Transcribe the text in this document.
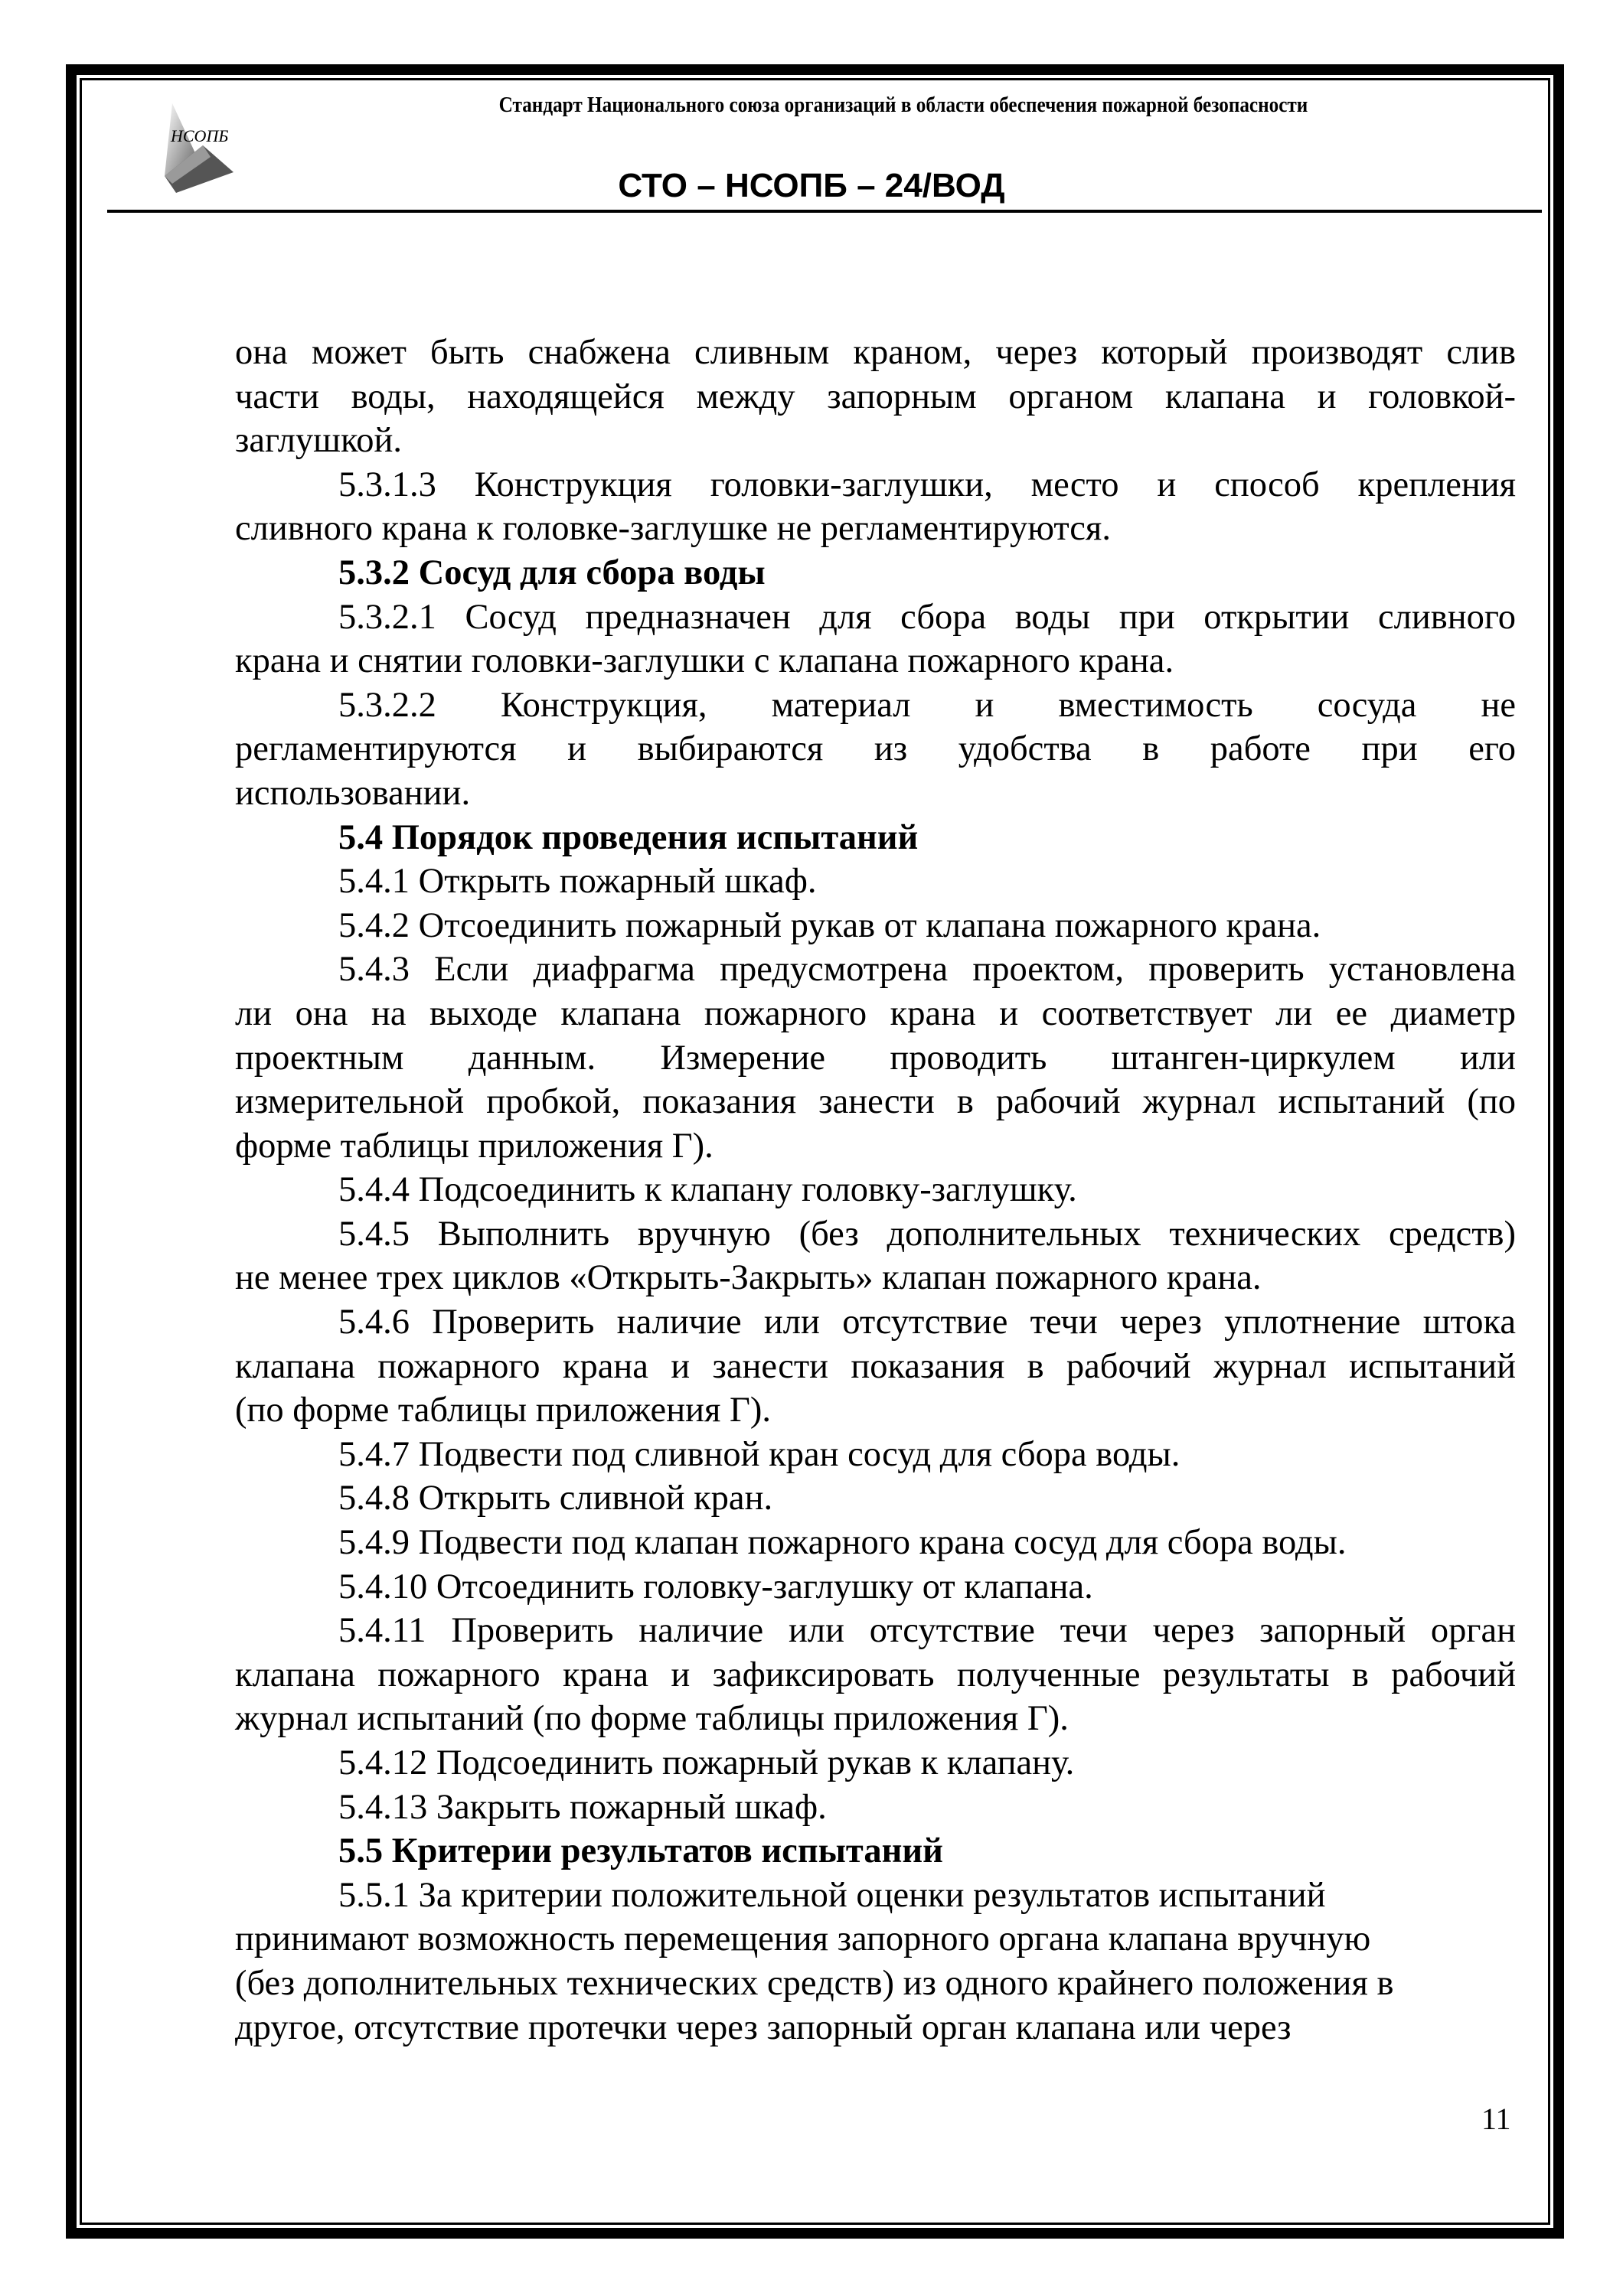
НСОПБ
Стандарт Национального союза организаций в области обеспечения пожарной безопасности
СТО – НСОПБ – 24/ВОД
она может быть снабжена сливным краном, через который производят слив
части воды, находящейся между запорным органом клапана и головкой-
заглушкой.
5.3.1.3 Конструкция головки-заглушки, место и способ крепления
сливного крана к головке-заглушке не регламентируются.
5.3.2 Сосуд для сбора воды
5.3.2.1 Сосуд предназначен для сбора воды при открытии сливного
крана и снятии головки-заглушки с клапана пожарного крана.
5.3.2.2 Конструкция, материал и вместимость сосуда не
регламентируются и выбираются из удобства в работе при его
использовании.
5.4 Порядок проведения испытаний
5.4.1 Открыть пожарный шкаф.
5.4.2 Отсоединить пожарный рукав от клапана пожарного крана.
5.4.3 Если диафрагма предусмотрена проектом, проверить установлена
ли она на выходе клапана пожарного крана и соответствует ли ее диаметр
проектным данным. Измерение проводить штанген-циркулем или
измерительной пробкой, показания занести в рабочий журнал испытаний (по
форме таблицы приложения Г).
5.4.4 Подсоединить к клапану головку-заглушку.
5.4.5 Выполнить вручную (без дополнительных технических средств)
не менее трех циклов «Открыть-Закрыть» клапан пожарного крана.
5.4.6 Проверить наличие или отсутствие течи через уплотнение штока
клапана пожарного крана и занести показания в рабочий журнал испытаний
(по форме таблицы приложения Г).
5.4.7 Подвести под сливной кран сосуд для сбора воды.
5.4.8 Открыть сливной кран.
5.4.9 Подвести под клапан пожарного крана сосуд для сбора воды.
5.4.10 Отсоединить головку-заглушку от клапана.
5.4.11 Проверить наличие или отсутствие течи через запорный орган
клапана пожарного крана и зафиксировать полученные результаты в рабочий
журнал испытаний (по форме таблицы приложения Г).
5.4.12 Подсоединить пожарный рукав к клапану.
5.4.13 Закрыть пожарный шкаф.
5.5 Критерии результатов испытаний
5.5.1 За критерии положительной оценки результатов испытаний
принимают возможность перемещения запорного органа клапана вручную
(без дополнительных технических средств) из одного крайнего положения в
другое, отсутствие протечки через запорный орган клапана или через
11
